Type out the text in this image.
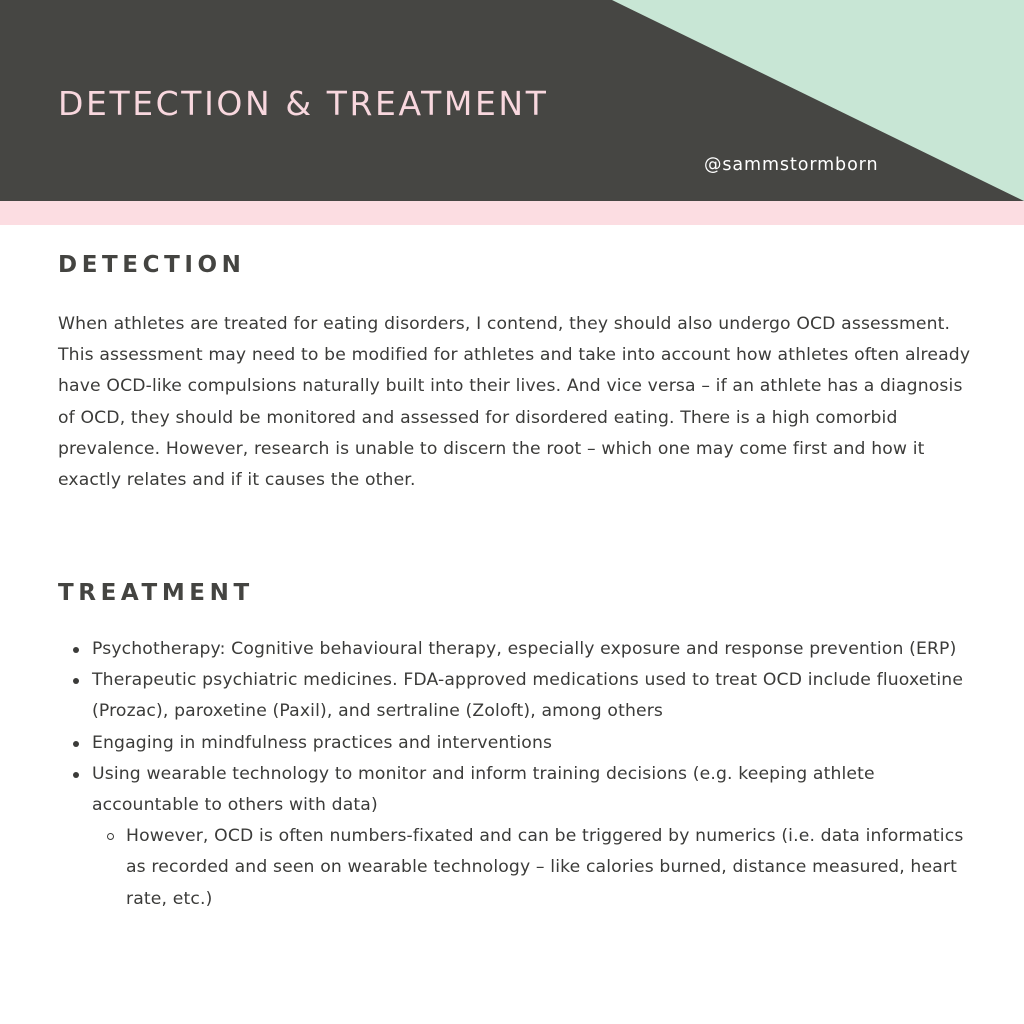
DETECTION & TREATMENT
@sammstormborn
DETECTION

When athletes are treated for eating disorders, I contend, they should also undergo OCD assessment. This assessment may need to be modified for athletes and take into account how athletes often already have OCD-like compulsions naturally built into their lives. And vice versa – if an athlete has a diagnosis of OCD, they should be monitored and assessed for disordered eating. There is a high comorbid prevalence. However, research is unable to discern the root – which one may come first and how it exactly relates and if it causes the other.

TREATMENT
Psychotherapy: Cognitive behavioural therapy, especially exposure and response prevention (ERP)
Therapeutic psychiatric medicines. FDA-approved medications used to treat OCD include fluoxetine (Prozac), paroxetine (Paxil), and sertraline (Zoloft), among others
Engaging in mindfulness practices and interventions
Using wearable technology to monitor and inform training decisions (e.g. keeping athlete accountable to others with data)
However, OCD is often numbers-fixated and can be triggered by numerics (i.e. data informatics as recorded and seen on wearable technology – like calories burned, distance measured, heart rate, etc.)
